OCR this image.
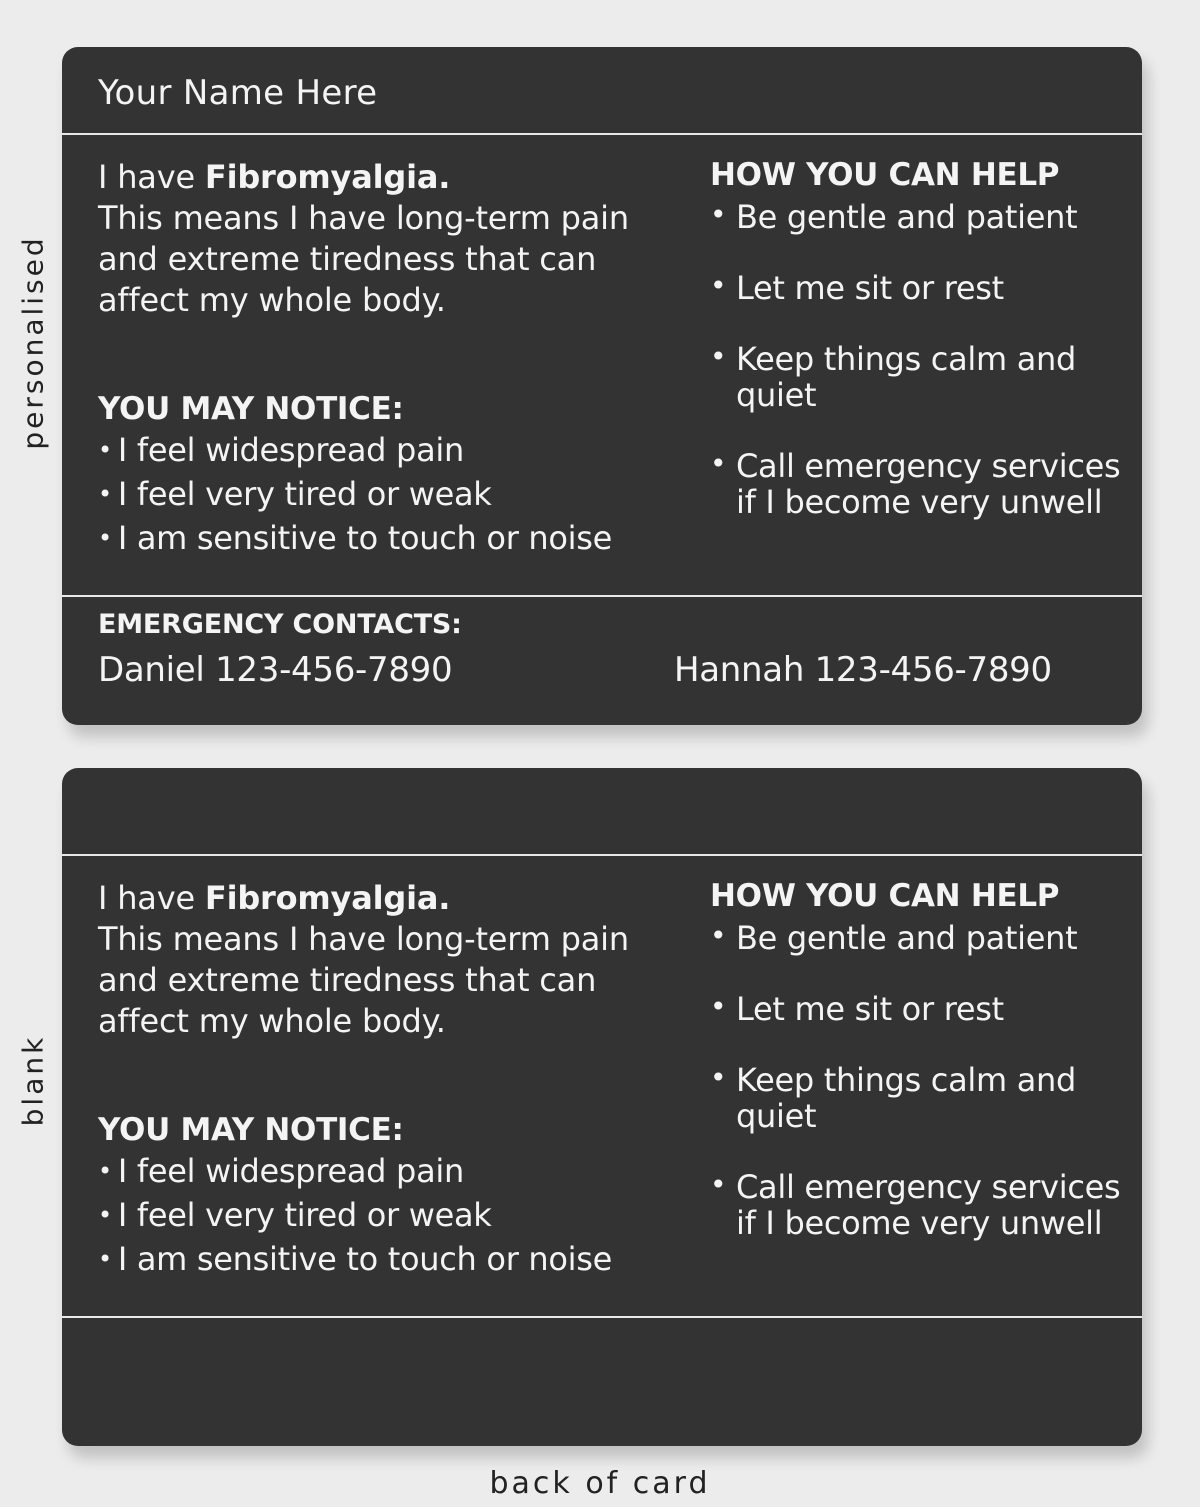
personalised
blank
Your Name Here
I have Fibromyalgia.
This means I have long-term pain and extreme tiredness that can affect my whole body.
YOU MAY NOTICE:
• I feel widespread pain
• I feel very tired or weak
• I am sensitive to touch or noise
HOW YOU CAN HELP
• Be gentle and patient
• Let me sit or rest
• Keep things calm and quiet
• Call emergency services if I become very unwell
EMERGENCY CONTACTS:
Daniel 123-456-7890	Hannah 123-456-7890
I have Fibromyalgia.
This means I have long-term pain and extreme tiredness that can affect my whole body.
YOU MAY NOTICE:
• I feel widespread pain
• I feel very tired or weak
• I am sensitive to touch or noise
HOW YOU CAN HELP
• Be gentle and patient
• Let me sit or rest
• Keep things calm and quiet
• Call emergency services if I become very unwell
back of card
